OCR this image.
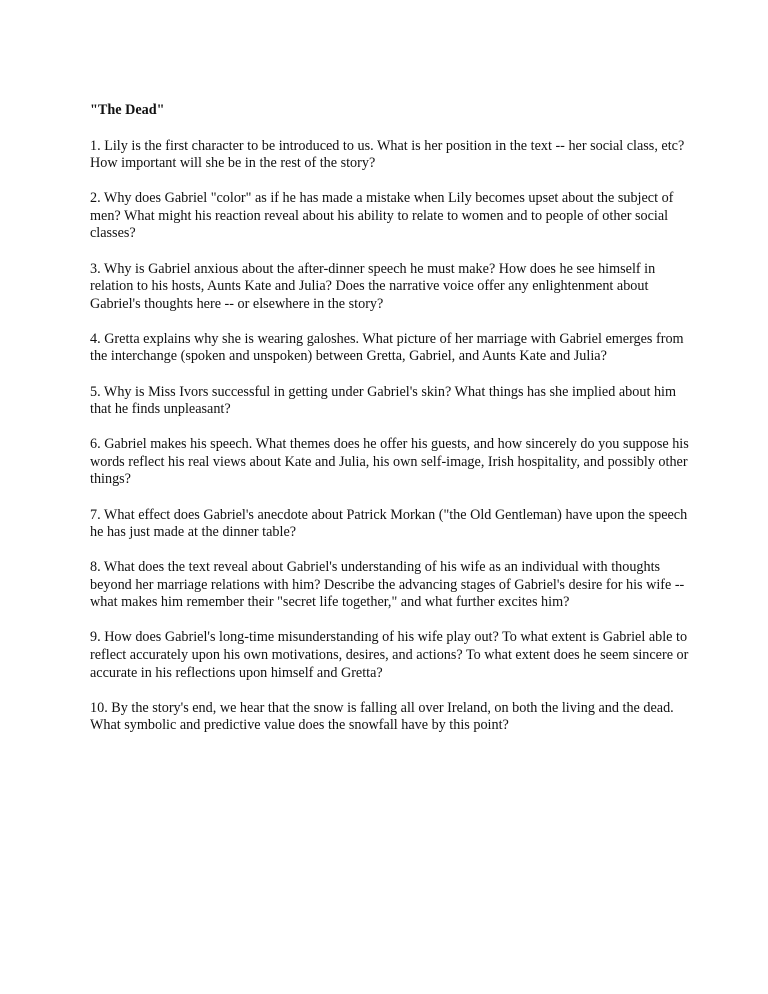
"The Dead"
1. Lily is the first character to be introduced to us. What is her position in the text -- her social class, etc? How important will she be in the rest of the story?
2. Why does Gabriel "color" as if he has made a mistake when Lily becomes upset about the subject of men? What might his reaction reveal about his ability to relate to women and to people of other social classes?
3. Why is Gabriel anxious about the after-dinner speech he must make? How does he see himself in relation to his hosts, Aunts Kate and Julia? Does the narrative voice offer any enlightenment about Gabriel's thoughts here -- or elsewhere in the story?
4. Gretta explains why she is wearing galoshes. What picture of her marriage with Gabriel emerges from the interchange (spoken and unspoken) between Gretta, Gabriel, and Aunts Kate and Julia?
5. Why is Miss Ivors successful in getting under Gabriel's skin? What things has she implied about him that he finds unpleasant?
6. Gabriel makes his speech. What themes does he offer his guests, and how sincerely do you suppose his words reflect his real views about Kate and Julia, his own self-image, Irish hospitality, and possibly other things?
7. What effect does Gabriel's anecdote about Patrick Morkan ("the Old Gentleman) have upon the speech he has just made at the dinner table?
8. What does the text reveal about Gabriel's understanding of his wife as an individual with thoughts beyond her marriage relations with him? Describe the advancing stages of Gabriel's desire for his wife -- what makes him remember their "secret life together," and what further excites him?
9. How does Gabriel's long-time misunderstanding of his wife play out? To what extent is Gabriel able to reflect accurately upon his own motivations, desires, and actions? To what extent does he seem sincere or accurate in his reflections upon himself and Gretta?
10. By the story's end, we hear that the snow is falling all over Ireland, on both the living and the dead. What symbolic and predictive value does the snowfall have by this point?
